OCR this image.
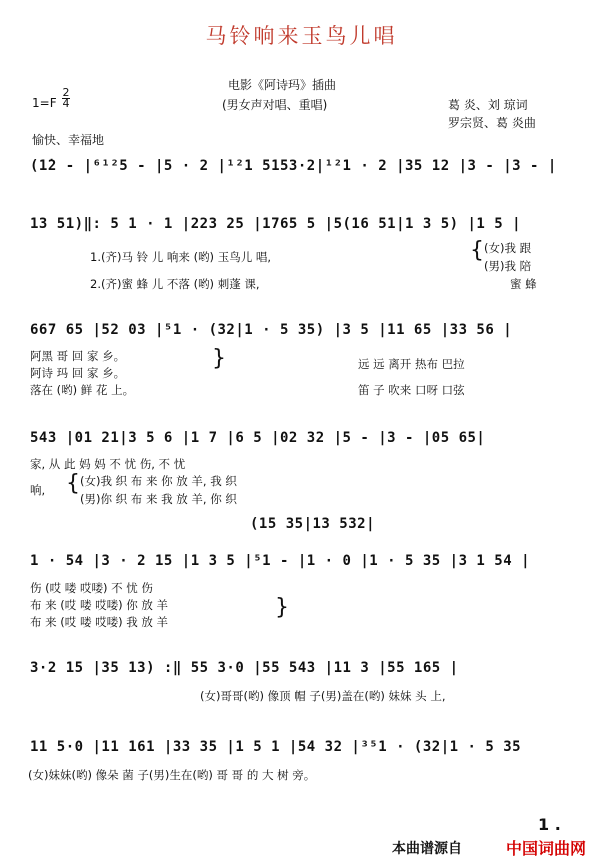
马铃响来玉鸟儿唱
电影《阿诗玛》插曲
(男女声对唱、重唱)
1=F
2
4	葛 炎、刘 琼词
罗宗贤、葛 炎曲
愉快、幸福地
(1̇2 - |⁶¹²5 - |5 · 2 |¹²1 5153·2|¹²1 · 2 |35 12 |3 - |3 - |
13 51)‖: 5 1 · 1 |223 25 |1765 5 |5(16 51|1 3 5) |1 5 |
1.(齐)马 铃 儿 响来 (哟) 玉鸟儿 唱,
2.(齐)蜜 蜂 儿 不落 (哟) 刺蓬 课,
{ (女)我 跟
(男)我 陪
蜜 蜂
667 65 |52 03 |⁵1 · (32|1 · 5 35) |3 5 |11 65 |33 56 |
阿黑 哥 回 家 乡。
阿诗 玛 回 家 乡。
落在 (哟) 鲜 花 上。
}	远 远 离开 热布 巴拉
笛 子 吹来 口呀 口弦
543 |01 21|3 5 6 |1 7 |6 5 |02 32 |5 - |3 - |05 65|
家, 从 此 妈 妈 不 忧 伤, 不 忧
响, { (女)我 织 布 来 你 放 羊, 我 织
(男)你 织 布 来 我 放 羊, 你 织
(15 35|13 532|
1 · 54 |3 · 2 15 |1 3 5 |⁵1 - |1 · 0 |1 · 5 35 |3 1 54 |
伤 (哎 喽 哎喽) 不 忧 伤
布 来 (哎 喽 哎喽) 你 放 羊
布 来 (哎 喽 哎喽) 我 放 羊
}
3·2 15 |35 13) :‖ 55 3·0 |55 543 |11 3 |55 165 |
(女)哥哥(哟) 像顶 帽 子(男)盖在(哟) 妹妹 头 上,
11 5·0 |11 161 |33 35 |1 5 1 |54 32 |³⁵1 · (32|1 · 5 35
(女)妹妹(哟) 像朵 菌 子(男)生在(哟) 哥 哥 的 大 树 旁。
1 .
本曲谱源自	中国词曲网
